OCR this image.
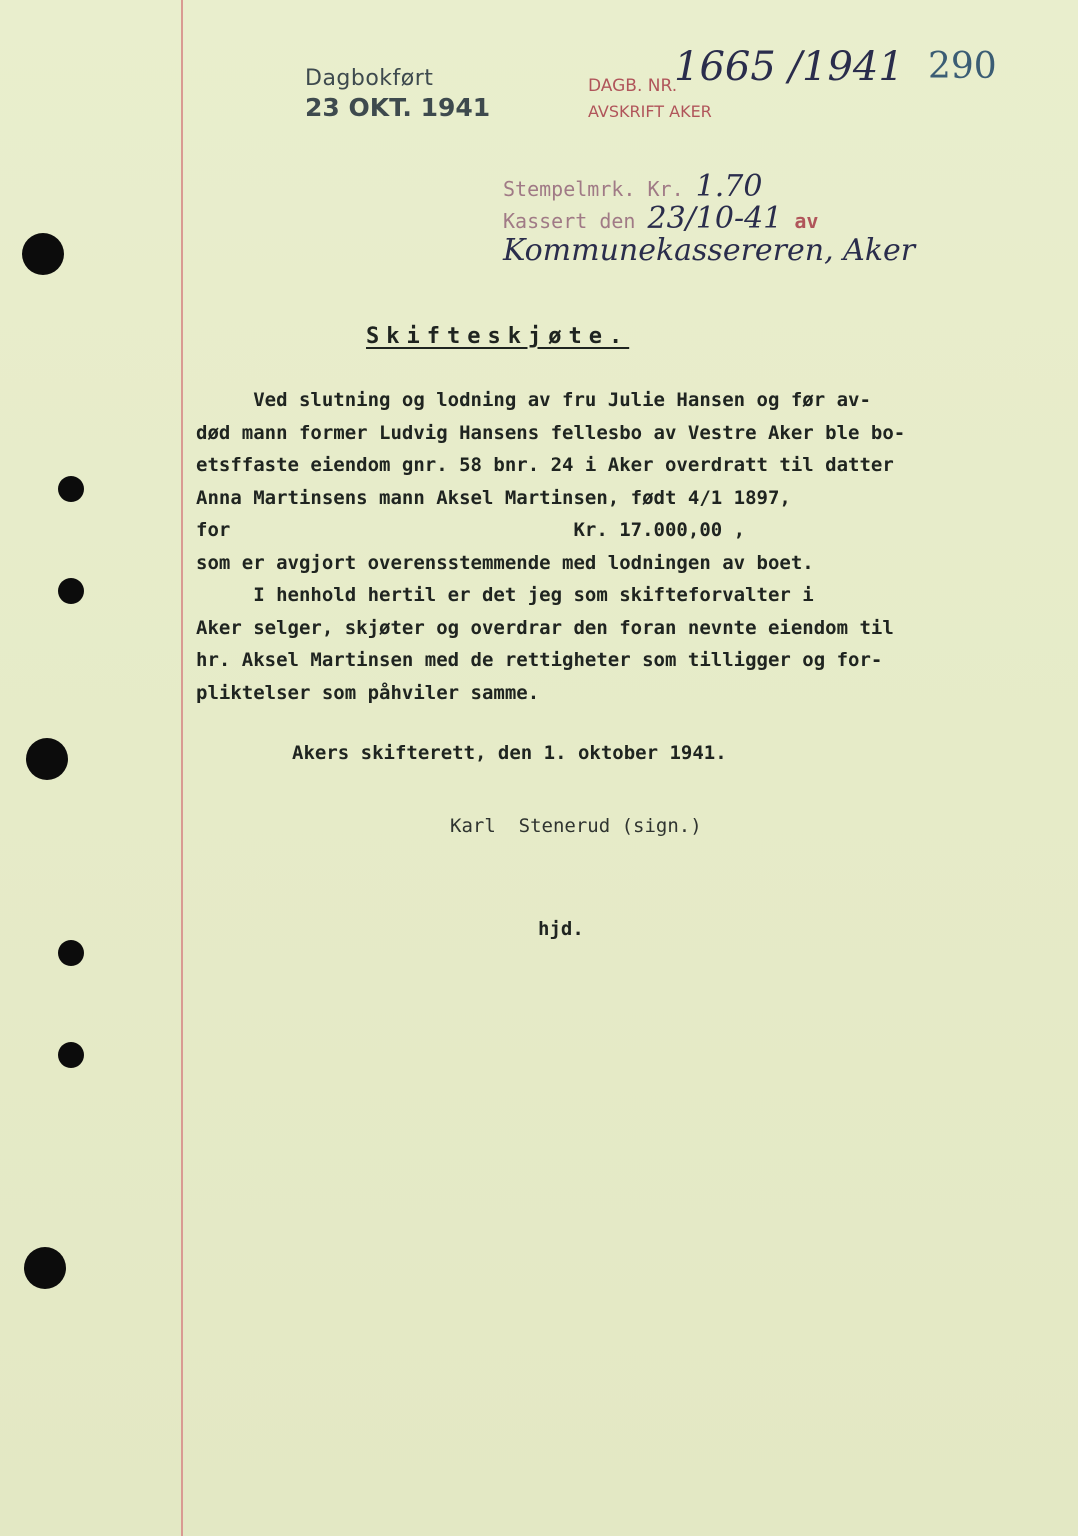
Dagbokført
23 OKT. 1941
DAGB. NR.
1665 /1941
AVSKRIFT AKER
290
Stempelmrk. Kr. 1.70
Kassert den 23/10-41 av Kommunekassereren, Aker
Skifteskjøte.

Ved slutning og lodning av fru Julie Hansen og før av-

død mann former Ludvig Hansens fellesbo av Vestre Aker ble bo-

etsffaste eiendom gnr. 58 bnr. 24 i Aker overdratt til datter

Anna Martinsens mann Aksel Martinsen, født 4/1 1897,

for                              Kr. 17.000,00 ,

som er avgjort overensstemmende med lodningen av boet.

I henhold hertil er det jeg som skifteforvalter i

Aker selger, skjøter og overdrar den foran nevnte eiendom til

hr. Aksel Martinsen med de rettigheter som tilligger og for-

pliktelser som påhviler samme.

Akers skifterett, den 1. oktober 1941.
Karl  Stenerud (sign.)
hjd.
